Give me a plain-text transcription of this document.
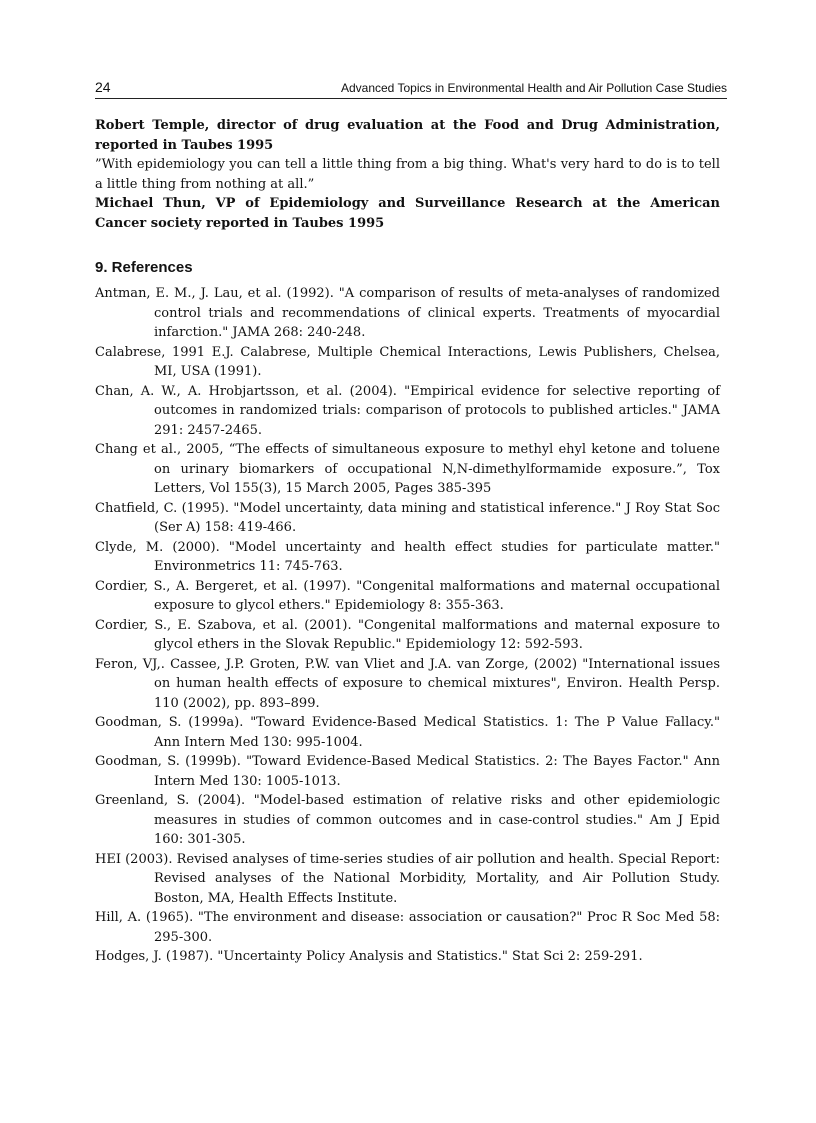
24	Advanced Topics in Environmental Health and Air Pollution Case Studies

Robert Temple, director of drug evaluation at the Food and Drug Administration, reported in Taubes 1995

”With epidemiology you can tell a little thing from a big thing. What's very hard to do is to tell a little thing from nothing at all.”

Michael Thun, VP of Epidemiology and Surveillance Research at the American Cancer society reported in Taubes 1995

9. References

Antman, E. M., J. Lau, et al. (1992). "A comparison of results of meta-analyses of randomized control trials and recommendations of clinical experts. Treatments of myocardial infarction." JAMA 268: 240-248.

Calabrese, 1991 E.J. Calabrese, Multiple Chemical Interactions, Lewis Publishers, Chelsea, MI, USA (1991).

Chan, A. W., A. Hrobjartsson, et al. (2004). "Empirical evidence for selective reporting of outcomes in randomized trials: comparison of protocols to published articles." JAMA 291: 2457-2465.

Chang et al., 2005, “The effects of simultaneous exposure to methyl ehyl ketone and toluene on urinary biomarkers of occupational N,N-dimethylformamide exposure.”, Tox Letters, Vol 155(3), 15 March 2005, Pages 385-395

Chatfield, C. (1995). "Model uncertainty, data mining and statistical inference." J Roy Stat Soc (Ser A) 158: 419-466.

Clyde, M. (2000). "Model uncertainty and health effect studies for particulate matter." Environmetrics 11: 745-763.

Cordier, S., A. Bergeret, et al. (1997). "Congenital malformations and maternal occupational exposure to glycol ethers." Epidemiology 8: 355-363.

Cordier, S., E. Szabova, et al. (2001). "Congenital malformations and maternal exposure to glycol ethers in the Slovak Republic." Epidemiology 12: 592-593.

Feron, VJ,. Cassee, J.P. Groten, P.W. van Vliet and J.A. van Zorge, (2002) "International issues on human health effects of exposure to chemical mixtures", Environ. Health Persp. 110 (2002), pp. 893–899.

Goodman, S. (1999a). "Toward Evidence-Based Medical Statistics. 1: The P Value Fallacy." Ann Intern Med 130: 995-1004.

Goodman, S. (1999b). "Toward Evidence-Based Medical Statistics. 2: The Bayes Factor." Ann Intern Med 130: 1005-1013.

Greenland, S. (2004). "Model-based estimation of relative risks and other epidemiologic measures in studies of common outcomes and in case-control studies." Am J Epid 160: 301-305.

HEI (2003). Revised analyses of time-series studies of air pollution and health. Special Report: Revised analyses of the National Morbidity, Mortality, and Air Pollution Study. Boston, MA, Health Effects Institute.

Hill, A. (1965). "The environment and disease: association or causation?" Proc R Soc Med 58: 295-300.

Hodges, J. (1987). "Uncertainty Policy Analysis and Statistics." Stat Sci 2: 259-291.
